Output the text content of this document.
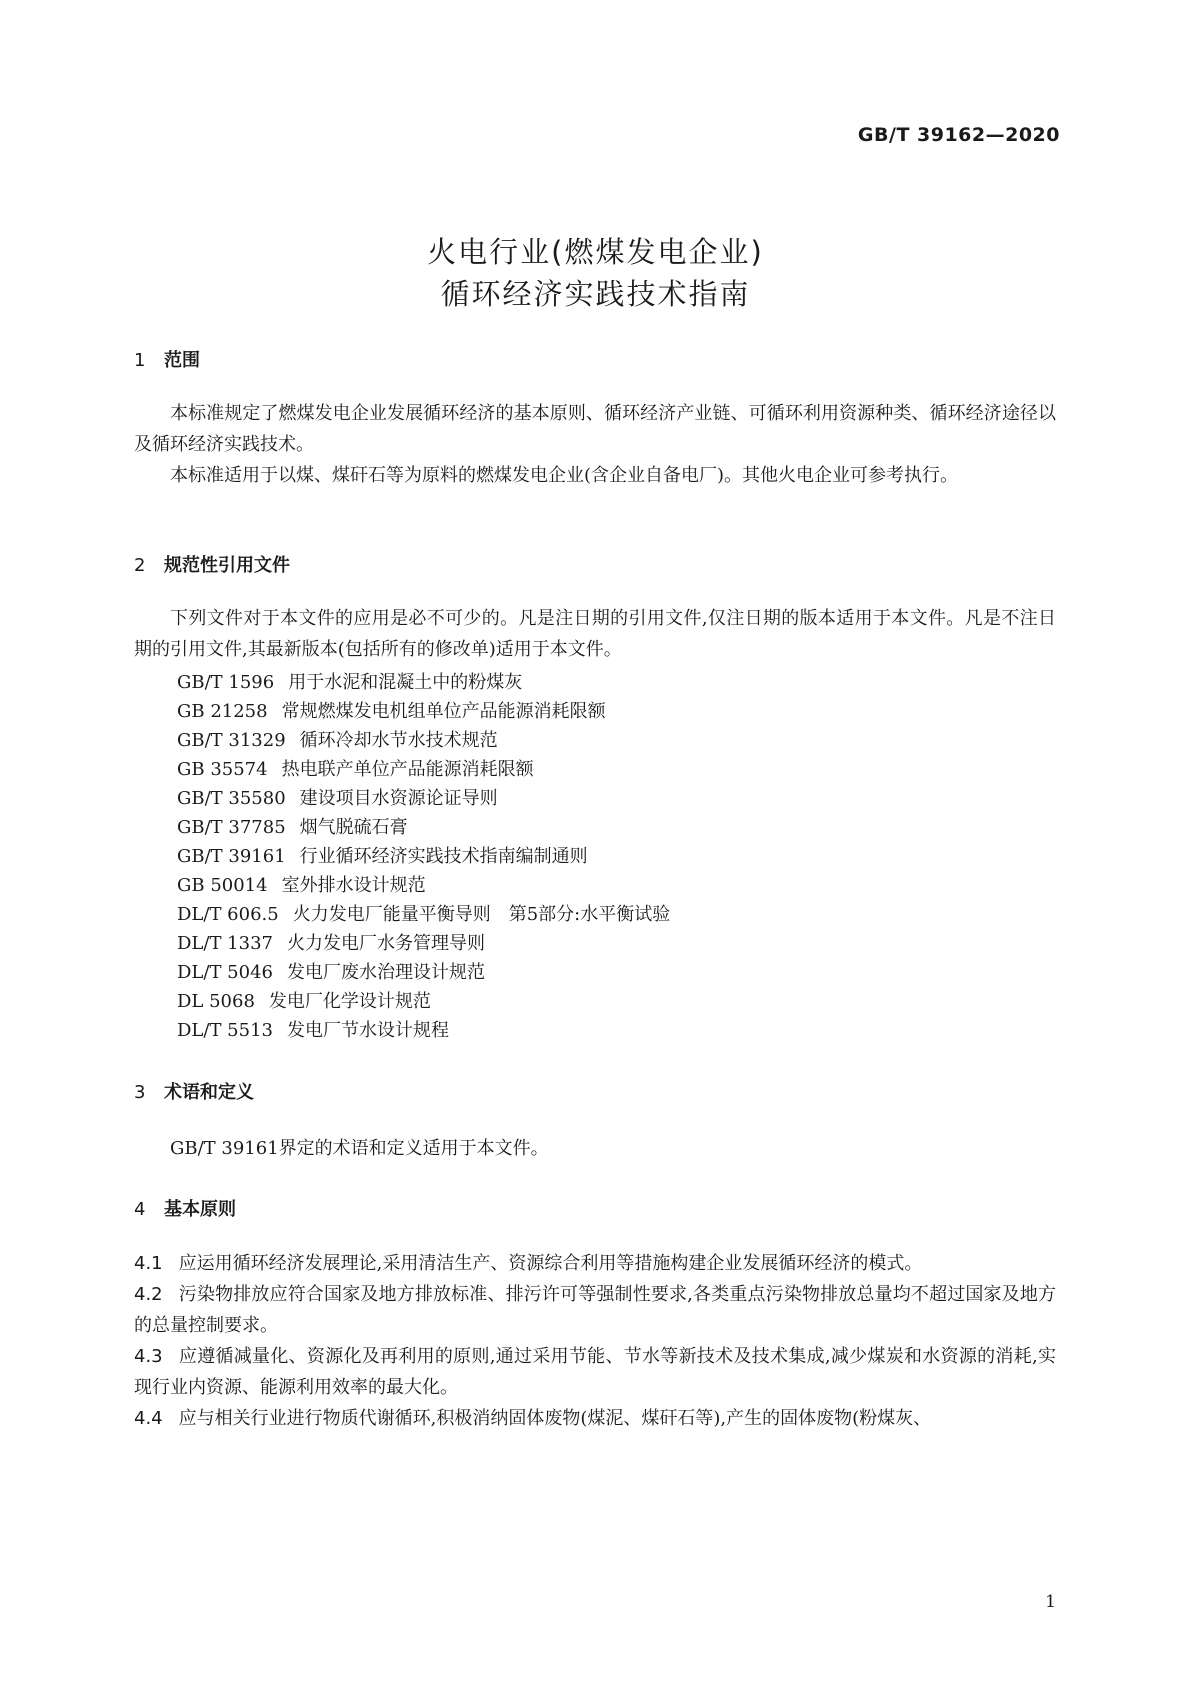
GB/T 39162—2020
火电行业(燃煤发电企业)
循环经济实践技术指南
1 范围
本标准规定了燃煤发电企业发展循环经济的基本原则、循环经济产业链、可循环利用资源种类、循环经济途径以及循环经济实践技术。
本标准适用于以煤、煤矸石等为原料的燃煤发电企业(含企业自备电厂)。其他火电企业可参考执行。
2 规范性引用文件
下列文件对于本文件的应用是必不可少的。凡是注日期的引用文件,仅注日期的版本适用于本文件。凡是不注日期的引用文件,其最新版本(包括所有的修改单)适用于本文件。
GB/T 1596 用于水泥和混凝土中的粉煤灰
GB 21258 常规燃煤发电机组单位产品能源消耗限额
GB/T 31329 循环冷却水节水技术规范
GB 35574 热电联产单位产品能源消耗限额
GB/T 35580 建设项目水资源论证导则
GB/T 37785 烟气脱硫石膏
GB/T 39161 行业循环经济实践技术指南编制通则
GB 50014 室外排水设计规范
DL/T 606.5 火力发电厂能量平衡导则　第5部分:水平衡试验
DL/T 1337 火力发电厂水务管理导则
DL/T 5046 发电厂废水治理设计规范
DL 5068 发电厂化学设计规范
DL/T 5513 发电厂节水设计规程
3 术语和定义
GB/T 39161界定的术语和定义适用于本文件。
4 基本原则
4.1 应运用循环经济发展理论,采用清洁生产、资源综合利用等措施构建企业发展循环经济的模式。
4.2 污染物排放应符合国家及地方排放标准、排污许可等强制性要求,各类重点污染物排放总量均不超过国家及地方的总量控制要求。
4.3 应遵循减量化、资源化及再利用的原则,通过采用节能、节水等新技术及技术集成,减少煤炭和水资源的消耗,实现行业内资源、能源利用效率的最大化。
4.4 应与相关行业进行物质代谢循环,积极消纳固体废物(煤泥、煤矸石等),产生的固体废物(粉煤灰、
1
